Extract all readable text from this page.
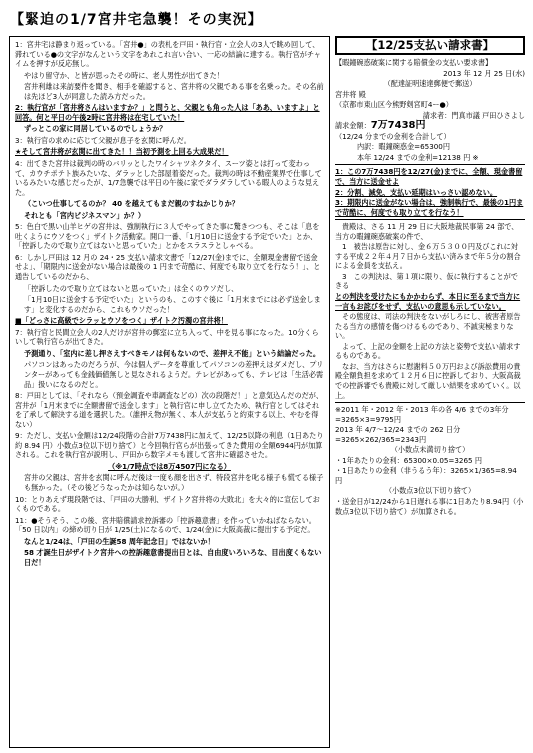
【緊迫の1/7宮井宅急襲！その実況】

1：宮井宅は静まり返っている。「宮井●」の表札を戸田・執行官・立会人の3人で眺め回して、滞れている●の文字がなんという文字をあれこれ言い合い、一応の結論に達する。執行官がチャイムを押すが反応無し。

やはり留守か、と皆が思ったその時に、老人男性が出てきた！

宮井利雄は来訪要件を聞き、相手を確認すると、宮井将の父親である事を名乗った。その名前は先ほど3人が同意した読み方だった。

2：執行官が「宮井将さんはいますか？」と問うと、父親とも角った人は「ああ、いますよ」と回答。何と平日の午後2時に宮井将は在宅していた！

ずっとこの家に同居しているのでしょうか？

3：執行官の求めに応じて父親が息子を玄関に呼んだ。

★そして宮井将が玄関に出てきた！！当初予測を上回る大成果だ！

4：出てきた宮井は裁判の時のバリッとしたワイシャツネクタイ、スーツ姿とは打って変わって、カウチポテト族みたいな、ダラッとした部屋着姿だった。裁判の時は不動産業界で仕事しているみたいな感じだったが、1/7急襲では平日の午後に家でダラダラしている暇人のような見えた。

（こいつ仕事してるのか？ 40 を越えてもまだ親のすねかじりか？

それとも「宮内ビジネスマン」か？）

5：色白で黒い山羊ヒゲの宮井は、強制執行に３人でやってきた事に驚きつつも、そこは「息を吐くようにウソをつく」ザイトク活動家。開口一番、「1月10日に送金する予定でいた」とか、「控訴したので取り立てはないと思っていた」とかをスラスラとしゃべる。

6：しかし戸田は 12 月の 24・25 支払い請求文書で「12/27(金)までに、全額現金書留で送金せよ」、「期限内に送金がない場合は最後の 1 円まで苛酷に、何度でも取り立てを行なう！」、と通告しているのだから、

「控訴したので取り立てはないと思っていた」は全くのウソだし、

「1月10日に送金する予定でいた」というのも、このすぐ後に「1月末までには必ず送金します」と変化するのだから、これもウソだった！

■「どっさに高級でシラッとウソをつく」ザイトク汚濁の宮井将！

7：執行官と民間立会人の2人だけが宮井の郵室に立ち入って、中を見る事になった。10分くらいして執行官らが出てきた。

予測通り、「室内に差し押さえすべきモノは何もないので、差押え不能」という結論だった。

パソコンはあったのだろうが、今は個人データを尊重してパソコンの差押えはダメだし、プリンターがあっても金銭価値無しと見なされるようだ。テレビがあっても、テレビは「生活必需品」扱いになるのだと。

8：戸田としては、「それなら（預金調査や車調査などの）次の段階だ！」と意気込んだのだが、宮井が「1月末までに全額書留で送金します」と執行官に申し立てたため、執行官としてはそれを了承して解決する道を選択した。（誰押え物が無く、本人が支払うと約束する以上、やむを得ない）

9：ただし、支払い金額は12/24段階の合計7万7438円に加えて、12/25以降の利息（1日あたり約 8.94 円）小数点3位以下切り捨て）と今回執行官らが出張ってきた費用の全額6944円が加算される。これを執行官が説明し、戸田から数字メモも渡して宮井に確認させた。

（※1/7時点では8万4507円になる）

宮井の父親は、宮井を玄関に呼んだ後は一度も顔を出さず、特段宮井を叱る様子も慌てる様子も無かった。（その後どうなったかは知らないが。）

10：とりあえず現段階では、「戸田の大勝利、ザイトク宮井将の大敗北」を大々的に宣伝しておくものである。

11：●そうそう、この後、宮井賠償請求控訴審の「控訴趣意書」を作っていかねばならない。「50 日以内」の締め切り日が 1/25(土)になるので、1/24(金)に大阪高裁に提出する予定だ。

なんと1/24は、「戸田の生誕58 周年記念日」ではないか！

58 才誕生日がザイトク宮井への控訴趣意書提出日とは、自由度いろいろな、目出度くもない日だ！

【12/25支払い請求書】

【暇鐘碗惑破案に関する賠償金の支払い要求書】

2013 年 12 月 25 日(水)

（配達証明速達郵便で郵送）

宮井将 殿

（京都市東山区今熊野剣宮町4ー●）

請求者：門真市議 戸田ひさよし

請求金額：7万7438円

（12/24 分までの金利を合計して）

内訳：暇鐘碗惑金=65300円

本年 12/24 までの金利=12138 円 ※

1：この7万7438円を12/27(金)までに、全額、現金書留で、当方に送金せよ

2：分割、減免、支払い延期はいっさい認めない。

3：期限内に送金がない場合は、強制執行で、最後の1円まで苛酷に、何度でも取り立てを行なう！

貴殿は、さる 11 月 29 日に大阪地裁民事第 24 部で、当方の暇鐘碗惑破案の件で、

1　被告は原告に対し、金６万５３００円及びこれに対する平成２２年４月７日から支払い済みまで年５分の割合による金員を支払え。

3　この判決は、第１項に限り、仮に執行することができる

との判決を受けたにもかかわらず、本日に至るまで当方に一言もお詫びをせず、支払いの意思も示していない。

その態度は、司法の判決をないがしろにし、被害者原告たる当方の感情を傷つけるものであり、不誠実極まりない。

よって、上記の金額を上記の方法と姿勢で支払い請求するものである。

なお、当方はさらに慰謝料５０万円および訴訟費用の貴殿全額負担を求めて１２月６日に控訴しており、大阪高裁での控訴審でも貴殿に対して厳しい結果を求めていく。以上。

※2011 年・2012 年・2013 年の各 4/6 までの3年分=3265×3=9795円

2013 年 4/7〜12/24 までの 262 日分=3265×262/365=2343円

（小数点未満切り捨て）

・1年あたりの金利：65300×0.05=3265 円

・1日あたりの金利（非うるう年）：3265×1/365=8.94 円

（小数点3位以下切り捨て）

・送金日が12/24から1日遅れる事に1日あたり8.94円（小数点3位以下切り捨て）が加算される。
